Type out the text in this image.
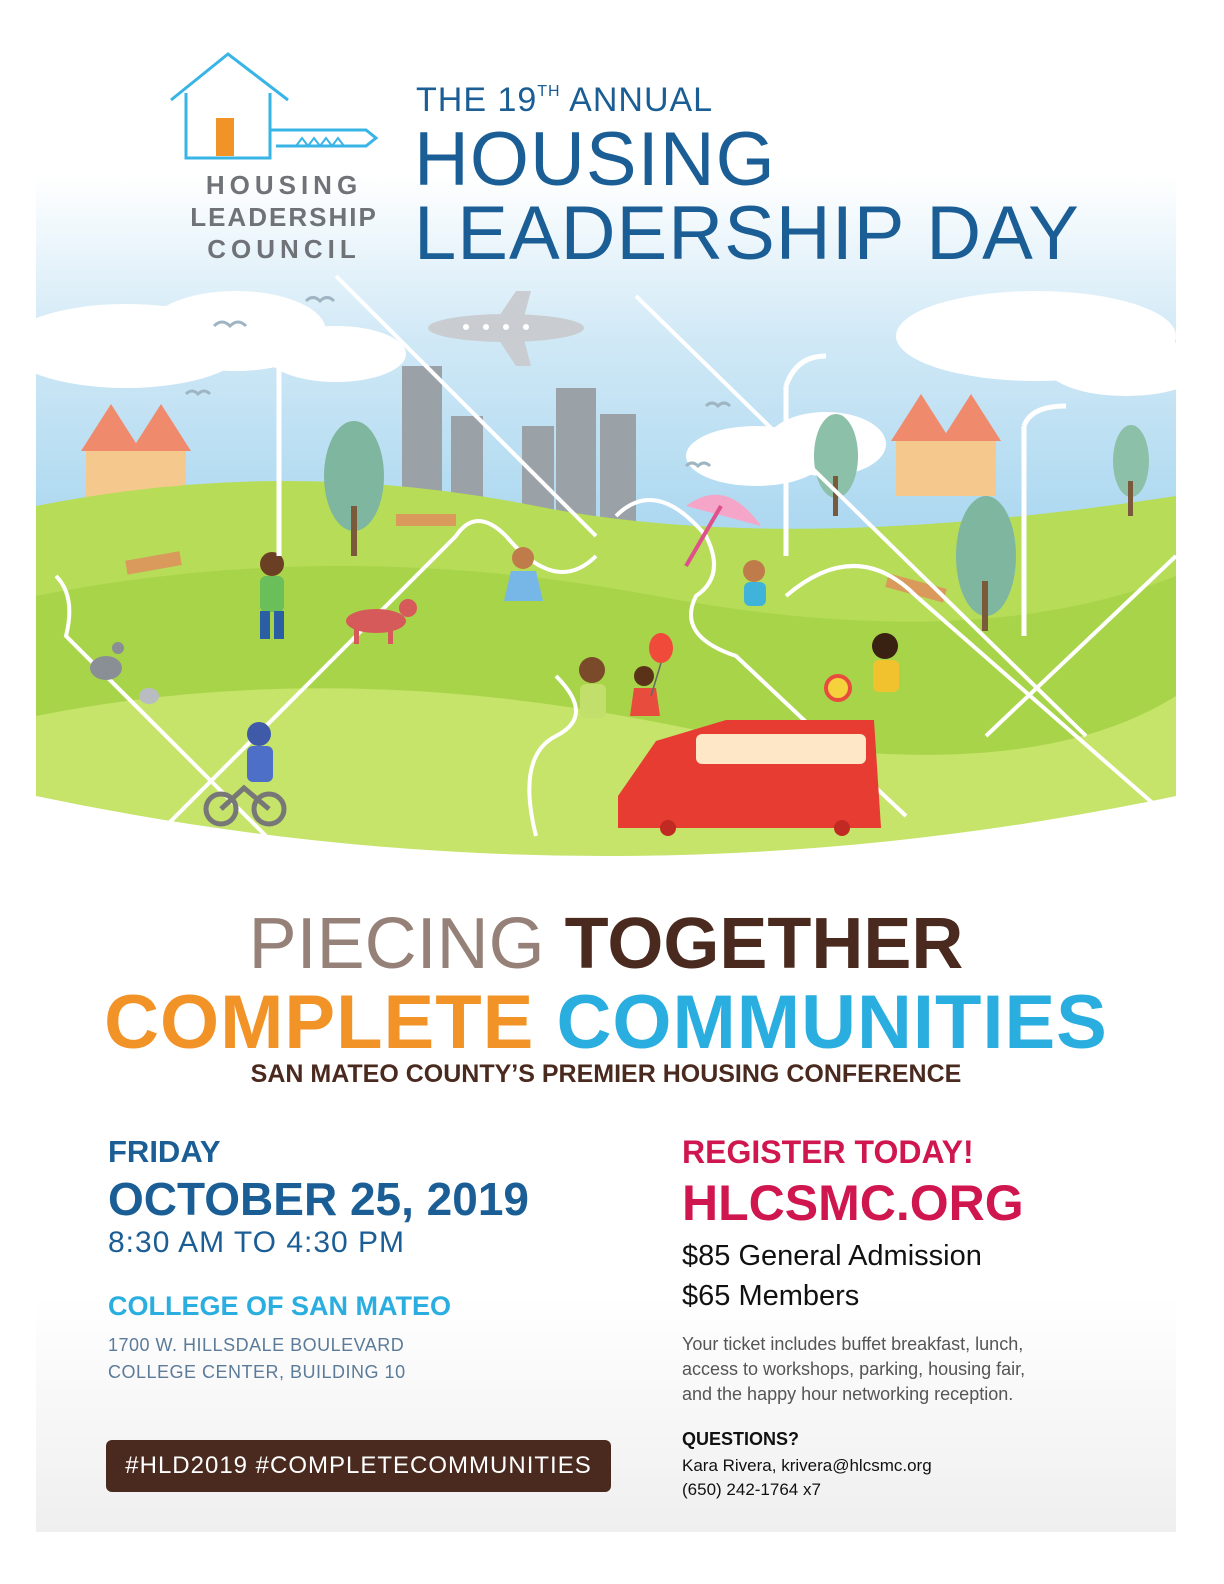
HOUSING
LEADERSHIP
COUNCIL
THE 19TH ANNUAL
HOUSING
LEADERSHIP DAY
PIECING TOGETHER
COMPLETE COMMUNITIES
SAN MATEO COUNTY’S PREMIER HOUSING CONFERENCE
FRIDAY
OCTOBER 25, 2019
8:30 AM TO 4:30 PM
COLLEGE OF SAN MATEO
1700 W. HILLSDALE BOULEVARD
COLLEGE CENTER, BUILDING 10
#HLD2019 #COMPLETECOMMUNITIES
REGISTER TODAY!
HLCSMC.ORG
$85 General Admission
$65 Members
Your ticket includes buffet breakfast, lunch,
access to workshops, parking, housing fair,
and the happy hour networking reception.
QUESTIONS?
Kara Rivera, krivera@hlcsmc.org
(650) 242-1764 x7
